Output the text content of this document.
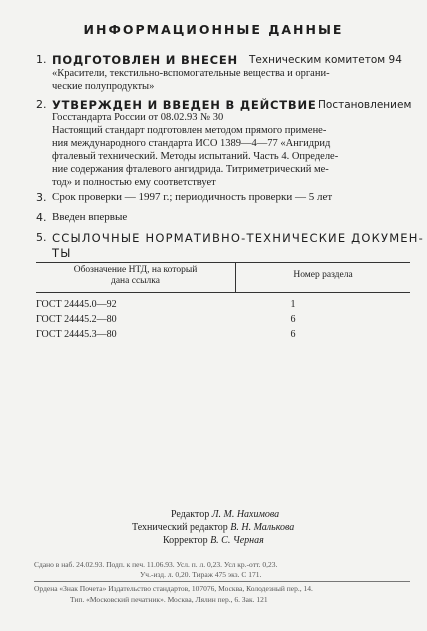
ИНФОРМАЦИОННЫЕ ДАННЫЕ
1. ПОДГОТОВЛЕН И ВНЕСЕН Техническим комитетом 94
«Красители, текстильно-вспомогательные вещества и органи-
ческие полупродукты»
2. УТВЕРЖДЕН И ВВЕДЕН В ДЕЙСТВИЕ Постановлением
Госстандарта России от 08.02.93 № 30
Настоящий стандарт подготовлен методом прямого примене-
ния международного стандарта ИСО 1389—4—77 «Ангидрид
фталевый технический. Методы испытаний. Часть 4. Определе-
ние содержания фталевого ангидрида. Титриметрический ме-
тод» и полностью ему соответствует
3. Срок проверки — 1997 г.; периодичность проверки — 5 лет
4. Введен впервые
5. ССЫЛОЧНЫЕ НОРМАТИВНО-ТЕХНИЧЕСКИЕ ДОКУМЕН-
ТЫ
Обозначение НТД, на который
дана ссылка
Номер раздела
ГОСТ 24445.0—92	1
ГОСТ 24445.2—80	6
ГОСТ 24445.3—80	6
Редактор Л. М. Нахимова
Технический редактор В. Н. Малькова
Корректор В. С. Черная
Сдано в наб. 24.02.93. Подп. к печ. 11.06.93. Усл. п. л. 0,23. Усл кр.-отт. 0,23.
Уч.-изд. л. 0,20. Тираж 475 экз. С 171.
Ордена «Знак Почета» Издательство стандартов, 107076, Москва, Колодезный пер., 14.
Тип. «Московский печатник». Москва, Лялин пер., 6. Зак. 121
